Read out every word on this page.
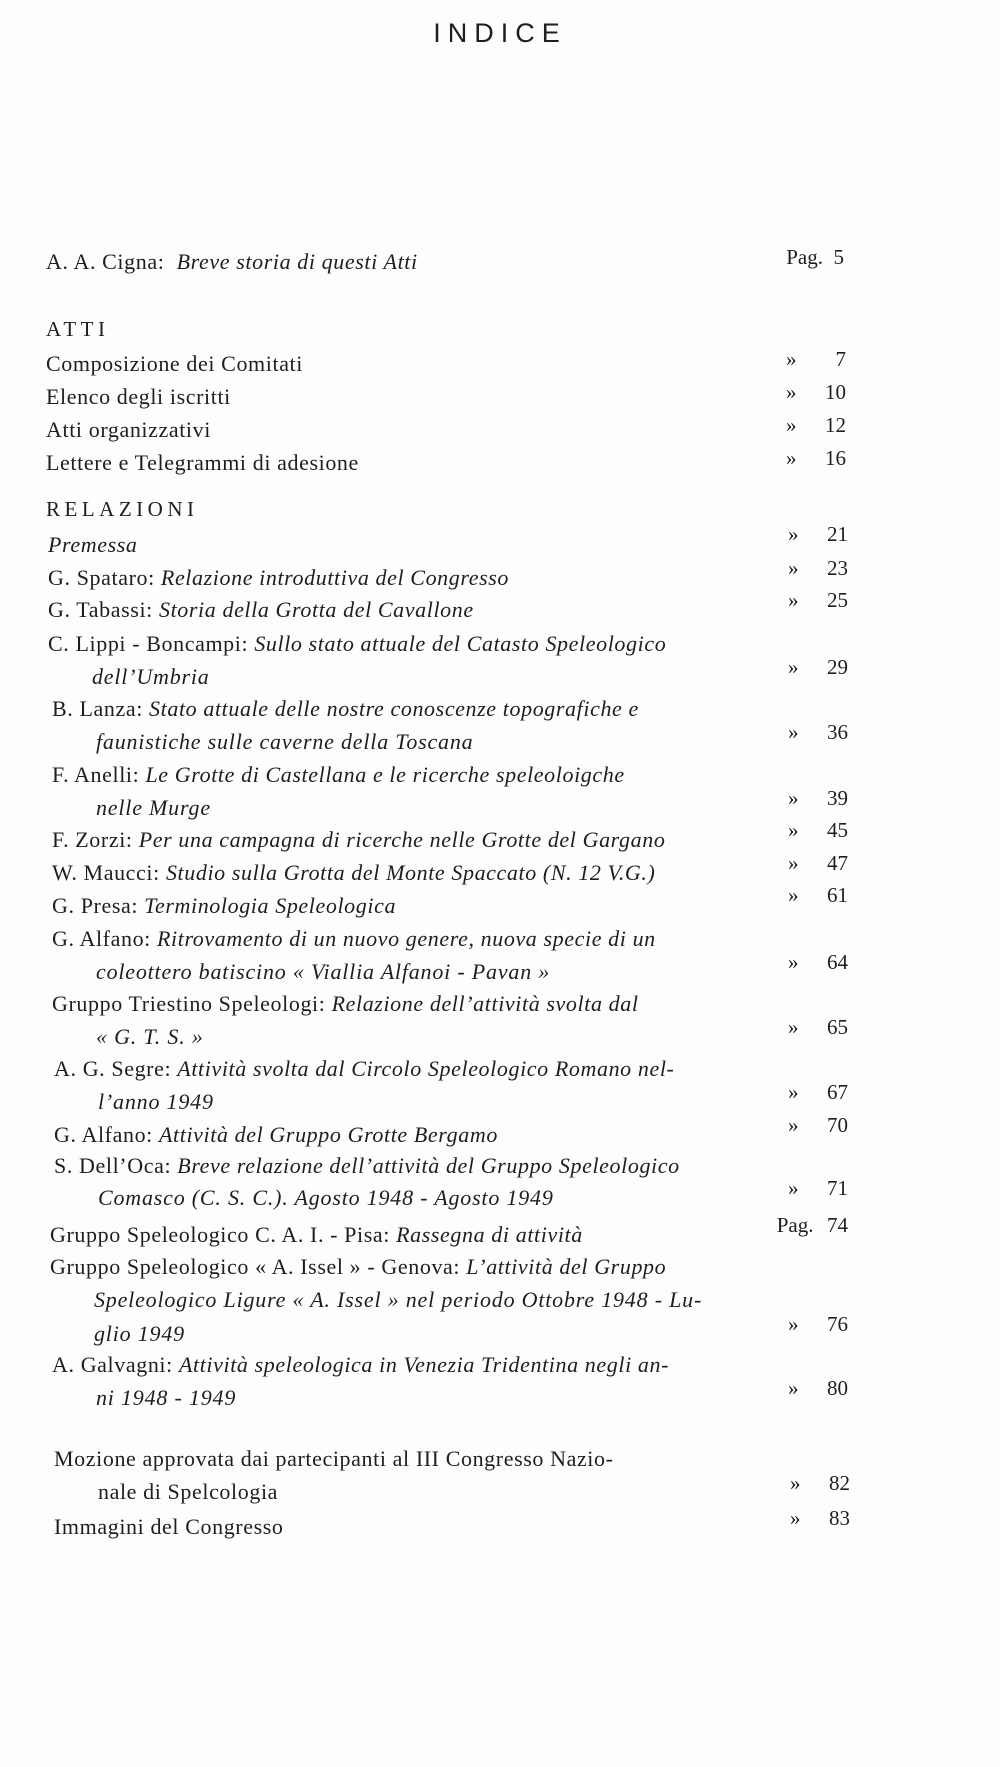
INDICE
A. A. Cigna: Breve storia di questi Atti	Pag. 5
ATTI
Composizione dei Comitati	» 7
Elenco degli iscritti	» 10
Atti organizzativi	» 12
Lettere e Telegrammi di adesione	» 16
RELAZIONI
Premessa	» 21
G. Spataro: Relazione introduttiva del Congresso	» 23
G. Tabassi: Storia della Grotta del Cavallone	» 25
C. Lippi - Boncampi: Sullo stato attuale del Catasto Speleologico
dell’Umbria	» 29
B. Lanza: Stato attuale delle nostre conoscenze topografiche e
faunistiche sulle caverne della Toscana	» 36
F. Anelli: Le Grotte di Castellana e le ricerche speleoloigche
nelle Murge	» 39
F. Zorzi: Per una campagna di ricerche nelle Grotte del Gargano	» 45
W. Maucci: Studio sulla Grotta del Monte Spaccato (N. 12 V.G.)	» 47
G. Presa: Terminologia Speleologica	» 61
G. Alfano: Ritrovamento di un nuovo genere, nuova specie di un
coleottero batiscino « Viallia Alfanoi - Pavan »	» 64
Gruppo Triestino Speleologi: Relazione dell’attività svolta dal
« G. T. S. »	» 65
A. G. Segre: Attività svolta dal Circolo Speleologico Romano nel-
l’anno 1949	» 67
G. Alfano: Attività del Gruppo Grotte Bergamo	» 70
S. Dell’Oca: Breve relazione dell’attività del Gruppo Speleologico
Comasco (C. S. C.). Agosto 1948 - Agosto 1949	» 71
Gruppo Speleologico C. A. I. - Pisa: Rassegna di attività	Pag.  74
Gruppo Speleologico « A. Issel » - Genova: L’attività del Gruppo
Speleologico Ligure « A. Issel » nel periodo Ottobre 1948 - Lu-
glio 1949	» 76
A. Galvagni: Attività speleologica in Venezia Tridentina negli an-
ni 1948 - 1949	» 80
Mozione approvata dai partecipanti al III Congresso Nazio-
nale di Spelcologia	» 82
Immagini del Congresso	» 83
